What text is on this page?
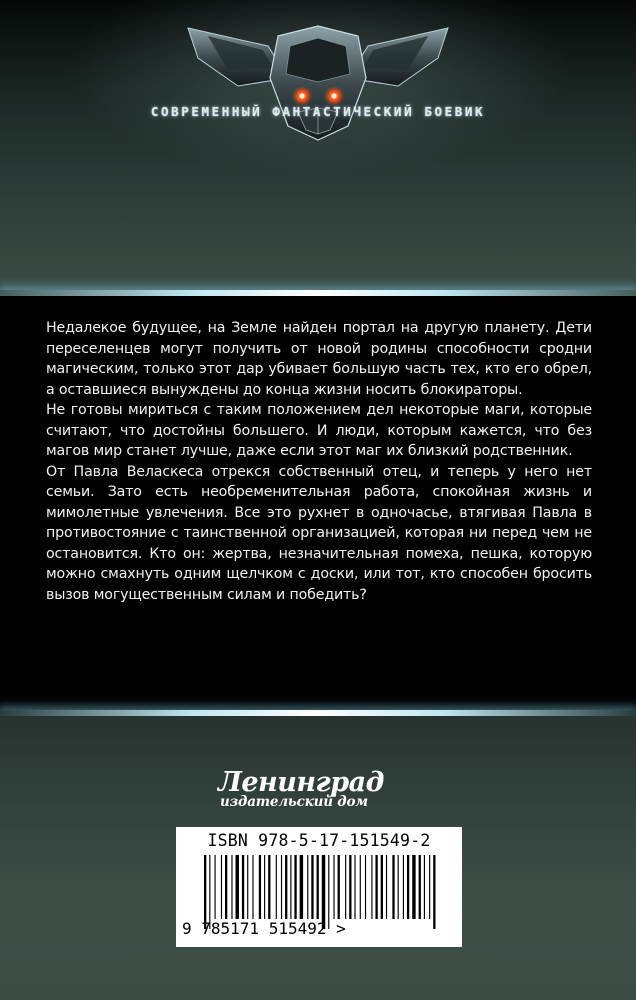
СОВРЕМЕННЫЙ ФАНТАСТИЧЕСКИЙ БОЕВИК

Недалекое будущее, на Земле найден портал на другую планету. Дети переселенцев могут получить от новой родины способности сродни магическим, только этот дар убивает большую часть тех, кто его обрел, а оставшиеся вынуждены до конца жизни носить блокираторы.

Не готовы мириться с таким положением дел некоторые маги, которые считают, что достойны большего. И люди, которым кажется, что без магов мир станет лучше, даже если этот маг их близкий родственник.

От Павла Веласкеса отрекся собственный отец, и теперь у него нет семьи. Зато есть необременительная работа, спокойная жизнь и мимолетные увлечения. Все это рухнет в одночасье, втягивая Павла в противостояние с таинственной организацией, которая ни перед чем не остановится. Кто он: жертва, незначительная помеха, пешка, которую можно смахнуть одним щелчком с доски, или тот, кто способен бросить вызов могущественным силам и победить?

Ленинград
издательский дом
ISBN 978-5-17-151549-2
9 785171 515492 >
